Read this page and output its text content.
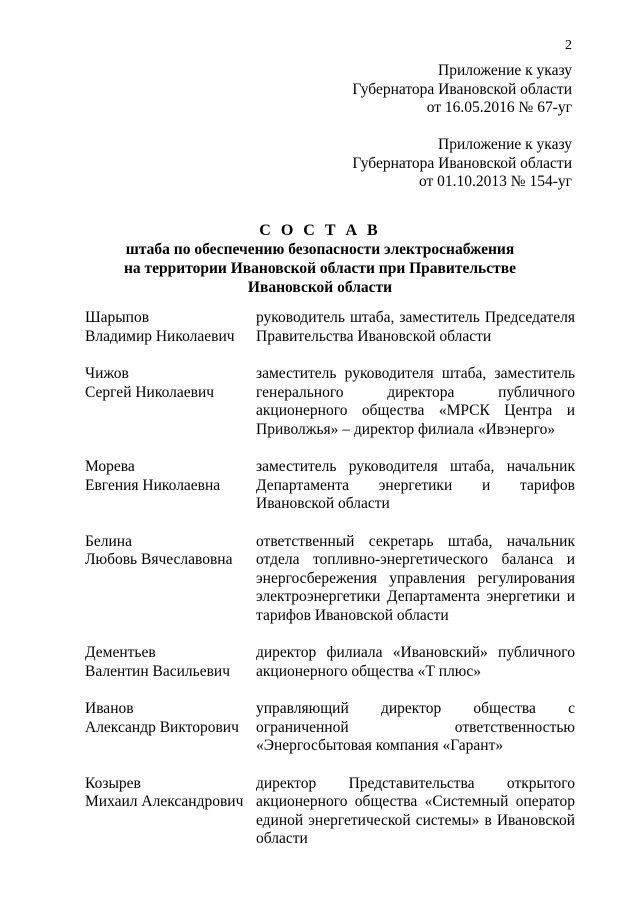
2
Приложение к указу
Губернатора Ивановской области
от 16.05.2016 № 67-уг
Приложение к указу
Губернатора Ивановской области
от 01.10.2013 № 154-уг
С О С Т А В
штаба по обеспечению безопасности электроснабжения
на территории Ивановской области при Правительстве
Ивановской области
Шарыпов
Владимир Николаевич
руководитель штаба, заместитель Председателя Правительства Ивановской области
Чижов
Сергей Николаевич
заместитель руководителя штаба, заместитель генерального директора публичного акционерного общества «МРСК Центра и Приволжья» – директор филиала «Ивэнерго»
Морева
Евгения Николаевна
заместитель руководителя штаба, начальник Департамента энергетики и тарифов Ивановской области
Белина
Любовь Вячеславовна
ответственный секретарь штаба, начальник отдела топливно-энергетического баланса и энергосбережения управления регулирования электроэнергетики Департамента энергетики и тарифов Ивановской области
Дементьев
Валентин Васильевич
директор филиала «Ивановский» публичного акционерного общества «Т плюс»
Иванов
Александр Викторович
управляющий директор общества с ограниченной ответственностью «Энергосбытовая компания «Гарант»
Козырев
Михаил Александрович
директор Представительства открытого акционерного общества «Системный оператор единой энергетической системы» в Ивановской области
